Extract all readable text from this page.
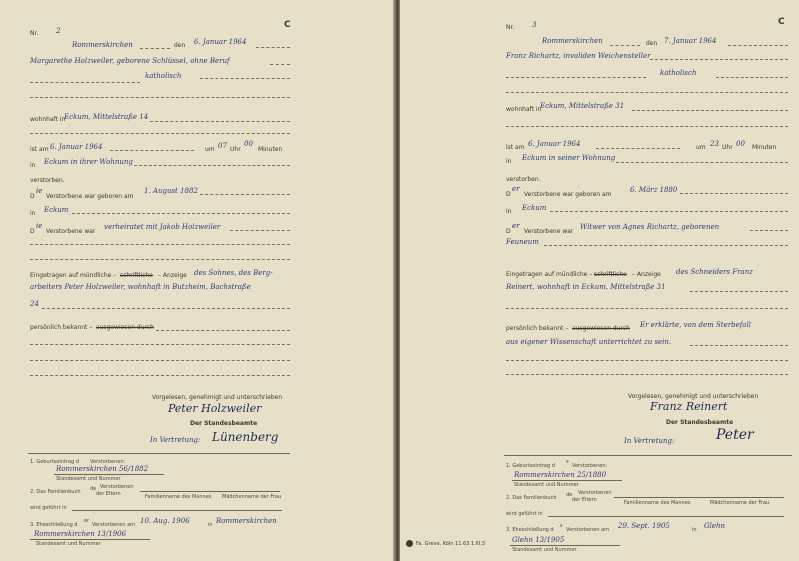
Nr.	2
C
Rommerskirchen	den 6. Januar 1964
Margarethe Holzweiler, geborene Schlüssel, ohne Beruf
katholisch
wohnhaft in
Eckum, Mittelstraße 14
ist am 6. Januar 1964	um 07 Uhr
00
Minuten
in Eckum in ihrer Wohnung
verstorben.
D
ie
Verstorbene war geboren am
1. August 1882
in Eckum
D
ie
Verstorbene war
verheiratet mit Jakob Holzweiler
Eingetragen auf mündliche – schriftliche – Anzeige des Sohnes, des Berg-
arbeiters Peter Holzweiler, wohnhaft in Butzheim, Bachstraße
24
persönlich bekannt – ausgewiesen durch
Vorgelesen, genehmigt und unterschrieben
Peter Holzweiler
Der Standesbeamte
In Vertretung: Lünenberg
1. Geburtseintrag d Verstorbenen:
Rommerskirchen 56/1882
Standesamt und Nummer
2. Das Familienbuch de Verstorbenen
der Eltern	Familienname des Mannes Mädchenname der Frau
wird geführt in
3. Eheschließung d
er
Verstorbenen am 10. Aug. 1906	in Rommerskirchen
Rommerskirchen 13/1906
Standesamt und Nummer
Nr.	3	C
Rommerskirchen	den 7. Januar 1964
Franz Richartz, invaliden Weichensteller
katholisch
wohnhaft in
Eckum, Mittelstraße 31
ist am 6. Januar 1964	um 23 Uhr 00 Minuten
in Eckum in seiner Wohnung
verstorben.
D
er
Verstorbene war geboren am
6. März 1880
in Eckum
D
er
Verstorbene war
Witwer von Agnes Richartz, geborenen
Feuneum
Eingetragen auf mündliche – schriftliche – Anzeige des Schneiders Franz
Reinert, wohnhaft in Eckum, Mittelstraße 31
persönlich bekannt – ausgewiesen durch Er erklärte, von dem Sterbefall
aus eigener Wissenschaft unterrichtet zu sein.
Vorgelesen, genehmigt und unterschrieben
Franz Reinert
Der Standesbeamte
In Vertretung:	Peter
1. Geburtseintrag d
s
Verstorbenen:
Rommerskirchen 25/1880
Standesamt und Nummer
2. Das Familienbuch de Verstorbenen
der Eltern	Familienname des Mannes	Mädchenname der Frau
wird geführt in
3. Eheschließung d
s
Verstorbenen am 29. Sept. 1905	in Glehn
Glehn 13/1905
Standesamt und Nummer
Fa. Greve, Köln 11.63 1.III.3
